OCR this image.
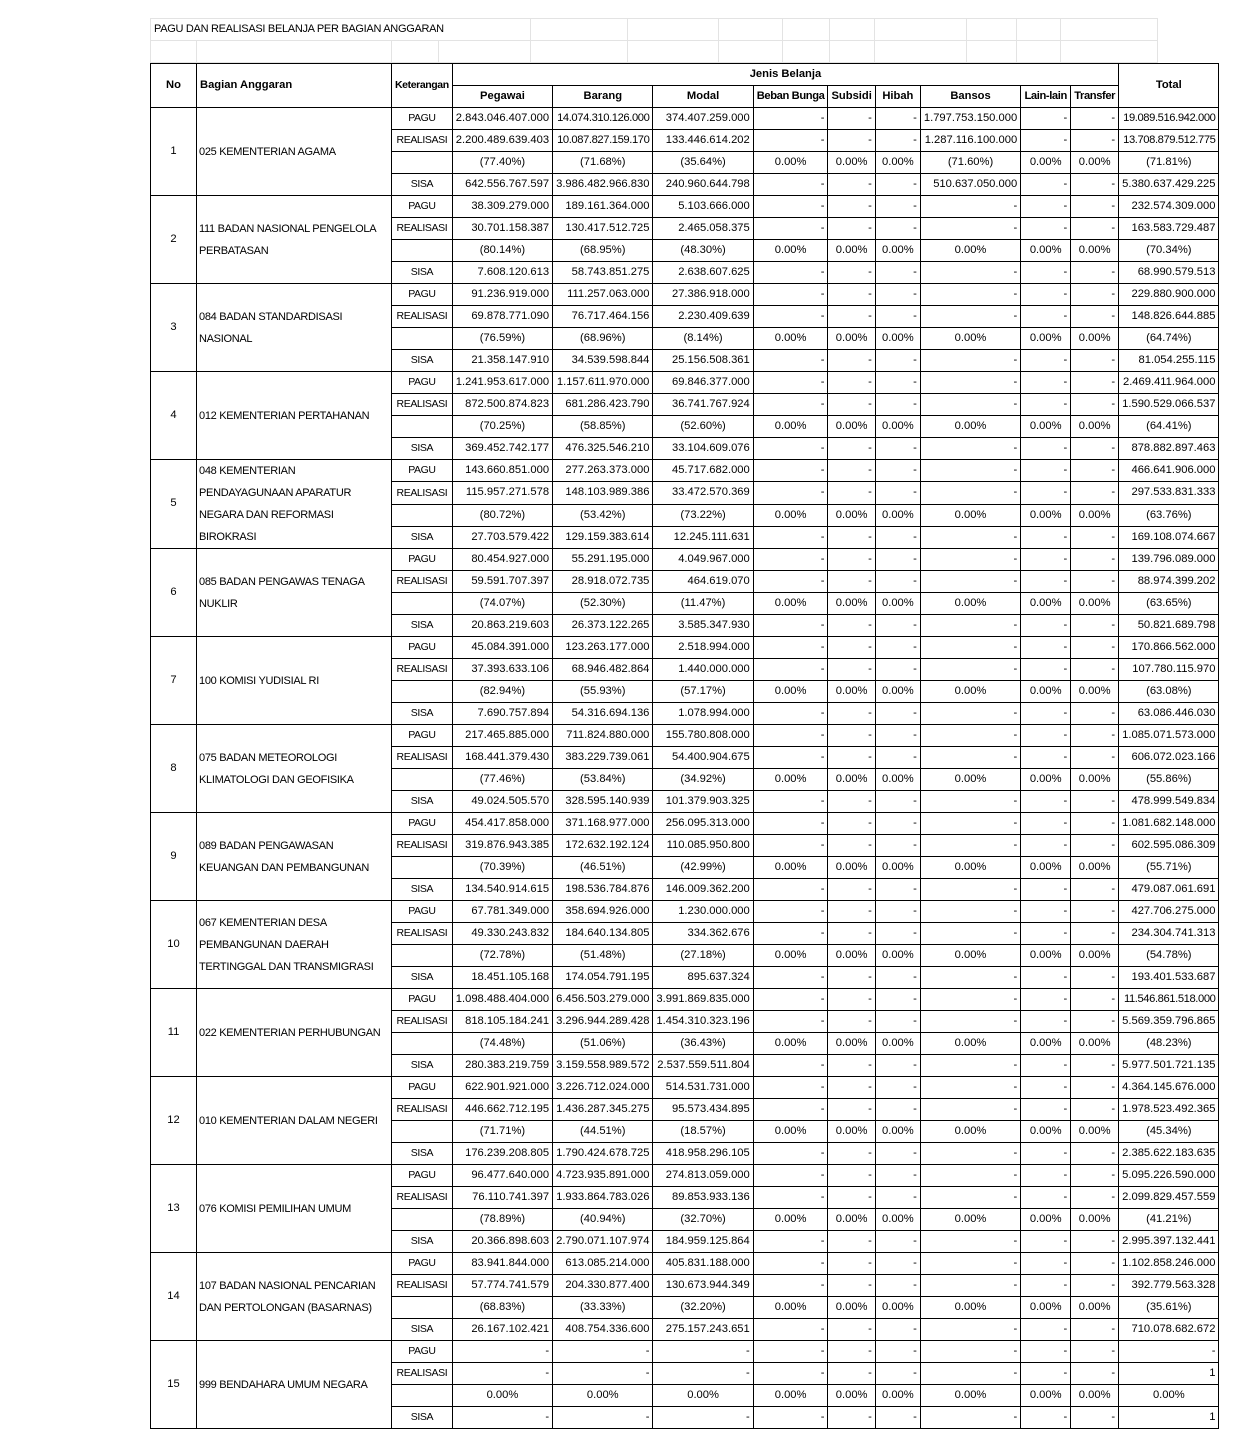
PAGU DAN REALISASI BELANJA PER BAGIAN ANGGARAN												

No	Bagian Anggaran	Keterangan	Jenis Belanja									Total
			Pegawai	Barang	Modal	Beban Bunga	Subsidi	Hibah	Bansos	Lain-lain	Transfer	
1	025 KEMENTERIAN AGAMA	PAGU	2.843.046.407.000	14.074.310.126.000	374.407.259.000	-	-	-	1.797.753.150.000	-	-	19.089.516.942.000
		REALISASI	2.200.489.639.403	10.087.827.159.170	133.446.614.202	-	-	-	1.287.116.100.000	-	-	13.708.879.512.775
			(77.40%)	(71.68%)	(35.64%)	0.00%	0.00%	0.00%	(71.60%)	0.00%	0.00%	(71.81%)
		SISA	642.556.767.597	3.986.482.966.830	240.960.644.798	-	-	-	510.637.050.000	-	-	5.380.637.429.225
2	111 BADAN NASIONAL PENGELOLA PERBATASAN	PAGU	38.309.279.000	189.161.364.000	5.103.666.000	-	-	-	-	-	-	232.574.309.000
		REALISASI	30.701.158.387	130.417.512.725	2.465.058.375	-	-	-	-	-	-	163.583.729.487
			(80.14%)	(68.95%)	(48.30%)	0.00%	0.00%	0.00%	0.00%	0.00%	0.00%	(70.34%)
		SISA	7.608.120.613	58.743.851.275	2.638.607.625	-	-	-	-	-	-	68.990.579.513
3	084 BADAN STANDARDISASI NASIONAL	PAGU	91.236.919.000	111.257.063.000	27.386.918.000	-	-	-	-	-	-	229.880.900.000
		REALISASI	69.878.771.090	76.717.464.156	2.230.409.639	-	-	-	-	-	-	148.826.644.885
			(76.59%)	(68.96%)	(8.14%)	0.00%	0.00%	0.00%	0.00%	0.00%	0.00%	(64.74%)
		SISA	21.358.147.910	34.539.598.844	25.156.508.361	-	-	-	-	-	-	81.054.255.115
4	012 KEMENTERIAN PERTAHANAN	PAGU	1.241.953.617.000	1.157.611.970.000	69.846.377.000	-	-	-	-	-	-	2.469.411.964.000
		REALISASI	872.500.874.823	681.286.423.790	36.741.767.924	-	-	-	-	-	-	1.590.529.066.537
			(70.25%)	(58.85%)	(52.60%)	0.00%	0.00%	0.00%	0.00%	0.00%	0.00%	(64.41%)
		SISA	369.452.742.177	476.325.546.210	33.104.609.076	-	-	-	-	-	-	878.882.897.463
5	048 KEMENTERIAN PENDAYAGUNAAN APARATUR NEGARA DAN REFORMASI BIROKRASI	PAGU	143.660.851.000	277.263.373.000	45.717.682.000	-	-	-	-	-	-	466.641.906.000
		REALISASI	115.957.271.578	148.103.989.386	33.472.570.369	-	-	-	-	-	-	297.533.831.333
			(80.72%)	(53.42%)	(73.22%)	0.00%	0.00%	0.00%	0.00%	0.00%	0.00%	(63.76%)
		SISA	27.703.579.422	129.159.383.614	12.245.111.631	-	-	-	-	-	-	169.108.074.667
6	085 BADAN PENGAWAS TENAGA NUKLIR	PAGU	80.454.927.000	55.291.195.000	4.049.967.000	-	-	-	-	-	-	139.796.089.000
		REALISASI	59.591.707.397	28.918.072.735	464.619.070	-	-	-	-	-	-	88.974.399.202
			(74.07%)	(52.30%)	(11.47%)	0.00%	0.00%	0.00%	0.00%	0.00%	0.00%	(63.65%)
		SISA	20.863.219.603	26.373.122.265	3.585.347.930	-	-	-	-	-	-	50.821.689.798
7	100 KOMISI YUDISIAL RI	PAGU	45.084.391.000	123.263.177.000	2.518.994.000	-	-	-	-	-	-	170.866.562.000
		REALISASI	37.393.633.106	68.946.482.864	1.440.000.000	-	-	-	-	-	-	107.780.115.970
			(82.94%)	(55.93%)	(57.17%)	0.00%	0.00%	0.00%	0.00%	0.00%	0.00%	(63.08%)
		SISA	7.690.757.894	54.316.694.136	1.078.994.000	-	-	-	-	-	-	63.086.446.030
8	075 BADAN METEOROLOGI KLIMATOLOGI DAN GEOFISIKA	PAGU	217.465.885.000	711.824.880.000	155.780.808.000	-	-	-	-	-	-	1.085.071.573.000
		REALISASI	168.441.379.430	383.229.739.061	54.400.904.675	-	-	-	-	-	-	606.072.023.166
			(77.46%)	(53.84%)	(34.92%)	0.00%	0.00%	0.00%	0.00%	0.00%	0.00%	(55.86%)
		SISA	49.024.505.570	328.595.140.939	101.379.903.325	-	-	-	-	-	-	478.999.549.834
9	089 BADAN PENGAWASAN KEUANGAN DAN PEMBANGUNAN	PAGU	454.417.858.000	371.168.977.000	256.095.313.000	-	-	-	-	-	-	1.081.682.148.000
		REALISASI	319.876.943.385	172.632.192.124	110.085.950.800	-	-	-	-	-	-	602.595.086.309
			(70.39%)	(46.51%)	(42.99%)	0.00%	0.00%	0.00%	0.00%	0.00%	0.00%	(55.71%)
		SISA	134.540.914.615	198.536.784.876	146.009.362.200	-	-	-	-	-	-	479.087.061.691
10	067 KEMENTERIAN DESA PEMBANGUNAN DAERAH TERTINGGAL DAN TRANSMIGRASI	PAGU	67.781.349.000	358.694.926.000	1.230.000.000	-	-	-	-	-	-	427.706.275.000
		REALISASI	49.330.243.832	184.640.134.805	334.362.676	-	-	-	-	-	-	234.304.741.313
			(72.78%)	(51.48%)	(27.18%)	0.00%	0.00%	0.00%	0.00%	0.00%	0.00%	(54.78%)
		SISA	18.451.105.168	174.054.791.195	895.637.324	-	-	-	-	-	-	193.401.533.687
11	022 KEMENTERIAN PERHUBUNGAN	PAGU	1.098.488.404.000	6.456.503.279.000	3.991.869.835.000	-	-	-	-	-	-	11.546.861.518.000
		REALISASI	818.105.184.241	3.296.944.289.428	1.454.310.323.196	-	-	-	-	-	-	5.569.359.796.865
			(74.48%)	(51.06%)	(36.43%)	0.00%	0.00%	0.00%	0.00%	0.00%	0.00%	(48.23%)
		SISA	280.383.219.759	3.159.558.989.572	2.537.559.511.804	-	-	-	-	-	-	5.977.501.721.135
12	010 KEMENTERIAN DALAM NEGERI	PAGU	622.901.921.000	3.226.712.024.000	514.531.731.000	-	-	-	-	-	-	4.364.145.676.000
		REALISASI	446.662.712.195	1.436.287.345.275	95.573.434.895	-	-	-	-	-	-	1.978.523.492.365
			(71.71%)	(44.51%)	(18.57%)	0.00%	0.00%	0.00%	0.00%	0.00%	0.00%	(45.34%)
		SISA	176.239.208.805	1.790.424.678.725	418.958.296.105	-	-	-	-	-	-	2.385.622.183.635
13	076 KOMISI PEMILIHAN UMUM	PAGU	96.477.640.000	4.723.935.891.000	274.813.059.000	-	-	-	-	-	-	5.095.226.590.000
		REALISASI	76.110.741.397	1.933.864.783.026	89.853.933.136	-	-	-	-	-	-	2.099.829.457.559
			(78.89%)	(40.94%)	(32.70%)	0.00%	0.00%	0.00%	0.00%	0.00%	0.00%	(41.21%)
		SISA	20.366.898.603	2.790.071.107.974	184.959.125.864	-	-	-	-	-	-	2.995.397.132.441
14	107 BADAN NASIONAL PENCARIAN DAN PERTOLONGAN (BASARNAS)	PAGU	83.941.844.000	613.085.214.000	405.831.188.000	-	-	-	-	-	-	1.102.858.246.000
		REALISASI	57.774.741.579	204.330.877.400	130.673.944.349	-	-	-	-	-	-	392.779.563.328
			(68.83%)	(33.33%)	(32.20%)	0.00%	0.00%	0.00%	0.00%	0.00%	0.00%	(35.61%)
		SISA	26.167.102.421	408.754.336.600	275.157.243.651	-	-	-	-	-	-	710.078.682.672
15	999 BENDAHARA UMUM NEGARA	PAGU	-	-	-	-	-	-	-	-	-	-
		REALISASI	-	-	-	-	-	-	-	-	-	1
			0.00%	0.00%	0.00%	0.00%	0.00%	0.00%	0.00%	0.00%	0.00%	0.00%
		SISA	-	-	-	-	-	-	-	-	-	1
